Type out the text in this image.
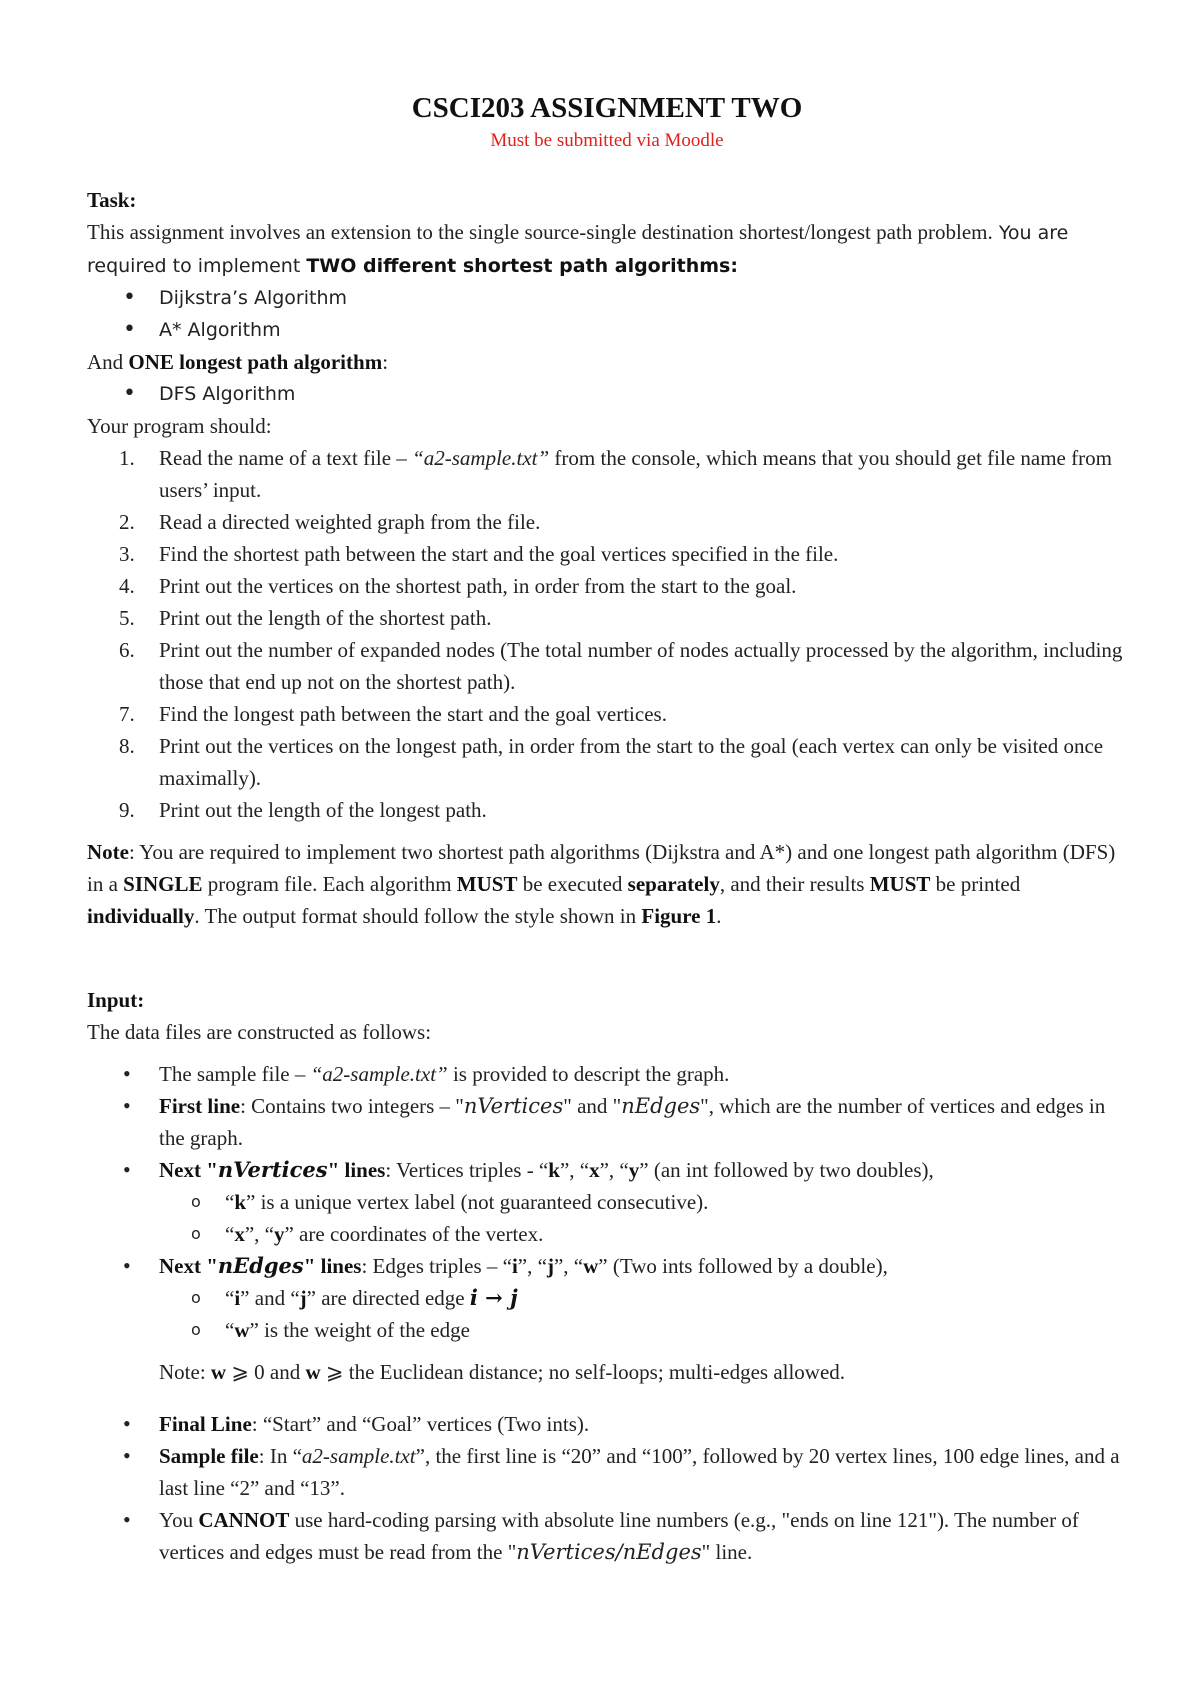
CSCI203 ASSIGNMENT TWO
Must be submitted via Moodle

Task:

This assignment involves an extension to the single source-single destination shortest/longest path problem. You are required to implement TWO different shortest path algorithms:

• Dijkstra’s Algorithm
• A* Algorithm

And ONE longest path algorithm:

• DFS Algorithm

Your program should:

1. Read the name of a text file – “a2-sample.txt” from the console, which means that you should get file name from users’ input.
2. Read a directed weighted graph from the file.
3. Find the shortest path between the start and the goal vertices specified in the file.
4. Print out the vertices on the shortest path, in order from the start to the goal.
5. Print out the length of the shortest path.
6. Print out the number of expanded nodes (The total number of nodes actually processed by the algorithm, including those that end up not on the shortest path).
7. Find the longest path between the start and the goal vertices.
8. Print out the vertices on the longest path, in order from the start to the goal (each vertex can only be visited once maximally).
9. Print out the length of the longest path.

Note: You are required to implement two shortest path algorithms (Dijkstra and A*) and one longest path algorithm (DFS) in a SINGLE program file. Each algorithm MUST be executed separately, and their results MUST be printed individually. The output format should follow the style shown in Figure 1.

Input:

The data files are constructed as follows:

• The sample file – “a2-sample.txt” is provided to descript the graph.
• First line: Contains two integers – "nVertices" and "nEdges", which are the number of vertices and edges in the graph.
• Next "nVertices" lines: Vertices triples - “k”, “x”, “y” (an int followed by two doubles),
o “k” is a unique vertex label (not guaranteed consecutive).
o “x”, “y” are coordinates of the vertex.
• Next "nEdges" lines: Edges triples – “i”, “j”, “w” (Two ints followed by a double),
o “i” and “j” are directed edge i → j
o “w” is the weight of the edge

Note: w ⩾ 0 and w ⩾ the Euclidean distance; no self-loops; multi-edges allowed.

• Final Line: “Start” and “Goal” vertices (Two ints).
• Sample file: In “a2-sample.txt”, the first line is “20” and “100”, followed by 20 vertex lines, 100 edge lines, and a last line “2” and “13”.
• You CANNOT use hard-coding parsing with absolute line numbers (e.g., "ends on line 121"). The number of vertices and edges must be read from the "nVertices/nEdges" line.
